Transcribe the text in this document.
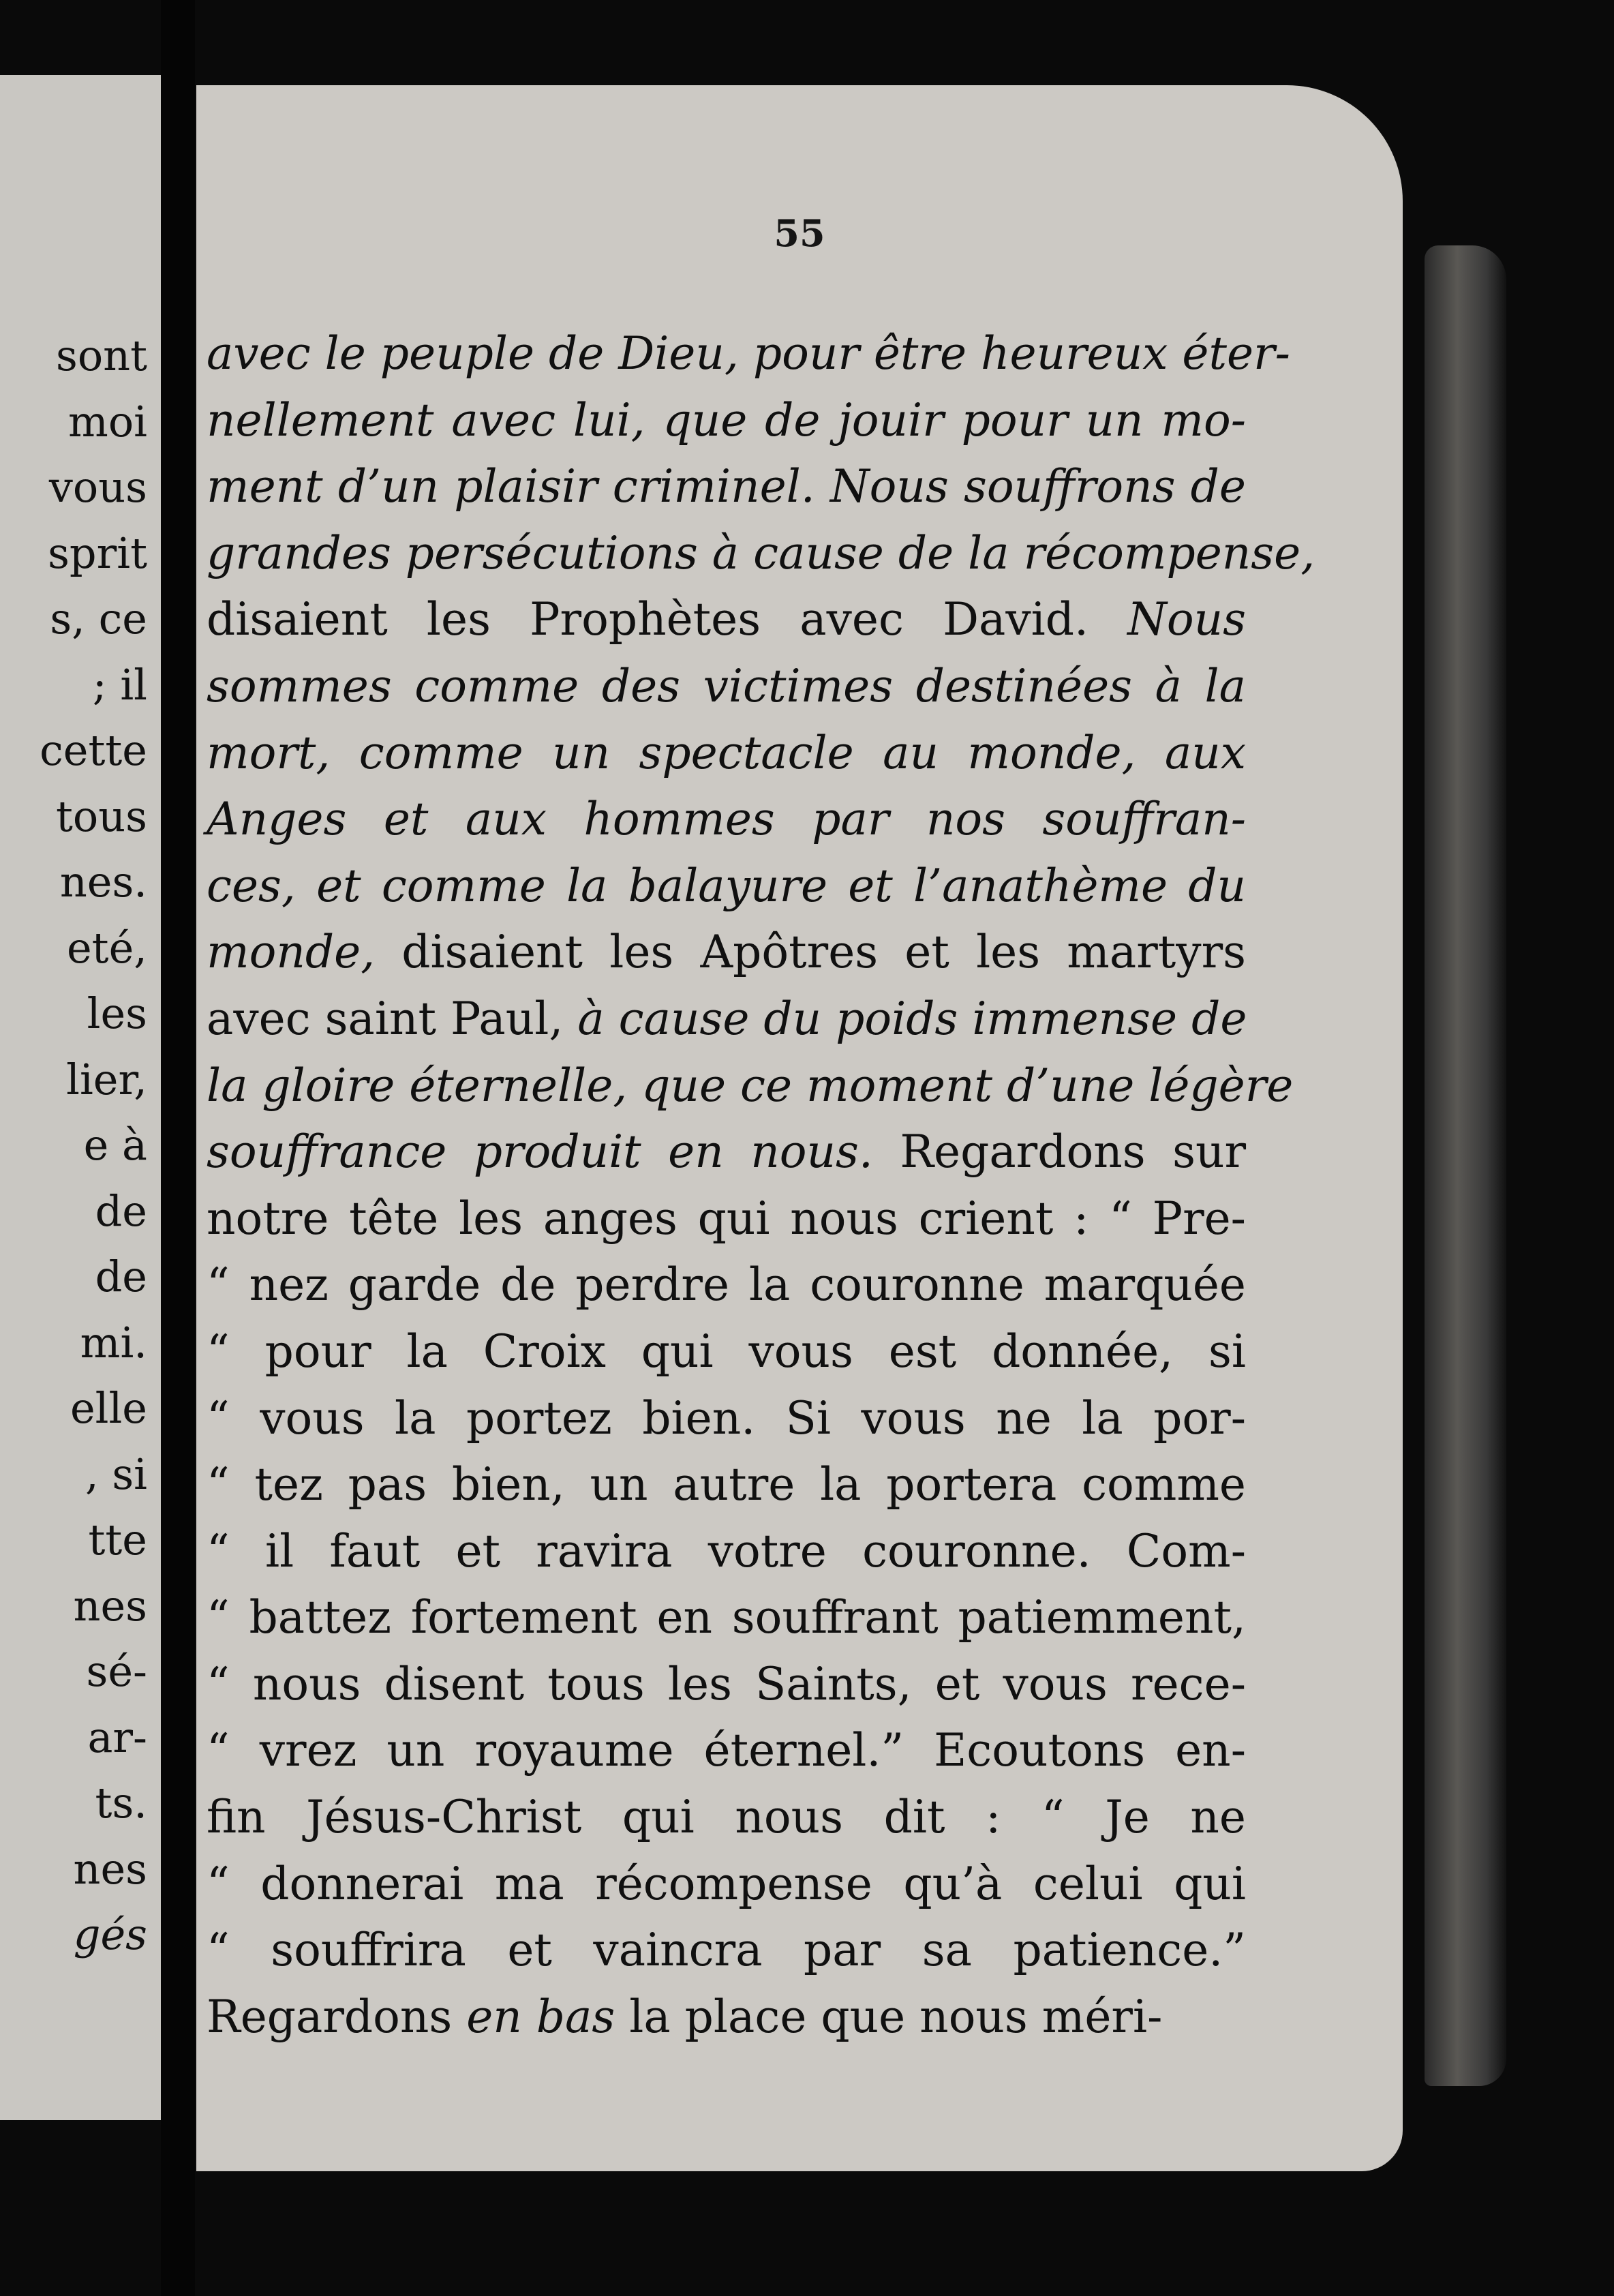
sont
moi
vous
sprit
s, ce
; il
cette
tous
nes.
eté,
les
lier,
e à
de
de
mi.
elle
, si
tte
nes
sé-
ar-
ts.
nes
gés
55
avec le peuple de Dieu, pour être heureux éter-
nellement avec lui, que de jouir pour un mo-
ment d’un plaisir criminel. Nous souffrons de
grandes persécutions à cause de la récompense,
disaient les Prophètes avec David. Nous
sommes comme des victimes destinées à la
mort, comme un spectacle au monde, aux
Anges et aux hommes par nos souffran-
ces, et comme la balayure et l’anathème du
monde, disaient les Apôtres et les martyrs
avec saint Paul, à cause du poids immense de
la gloire éternelle, que ce moment d’une légère
souffrance produit en nous. Regardons sur
notre tête les anges qui nous crient : “ Pre-
“ nez garde de perdre la couronne marquée
“ pour la Croix qui vous est donnée, si
“ vous la portez bien. Si vous ne la por-
“ tez pas bien, un autre la portera comme
“ il faut et ravira votre couronne. Com-
“ battez fortement en souffrant patiemment,
“ nous disent tous les Saints, et vous rece-
“ vrez un royaume éternel.” Ecoutons en-
fin Jésus-Christ qui nous dit : “ Je ne
“ donnerai ma récompense qu’à celui qui
“ souffrira et vaincra par sa patience.”
Regardons en bas la place que nous méri-
